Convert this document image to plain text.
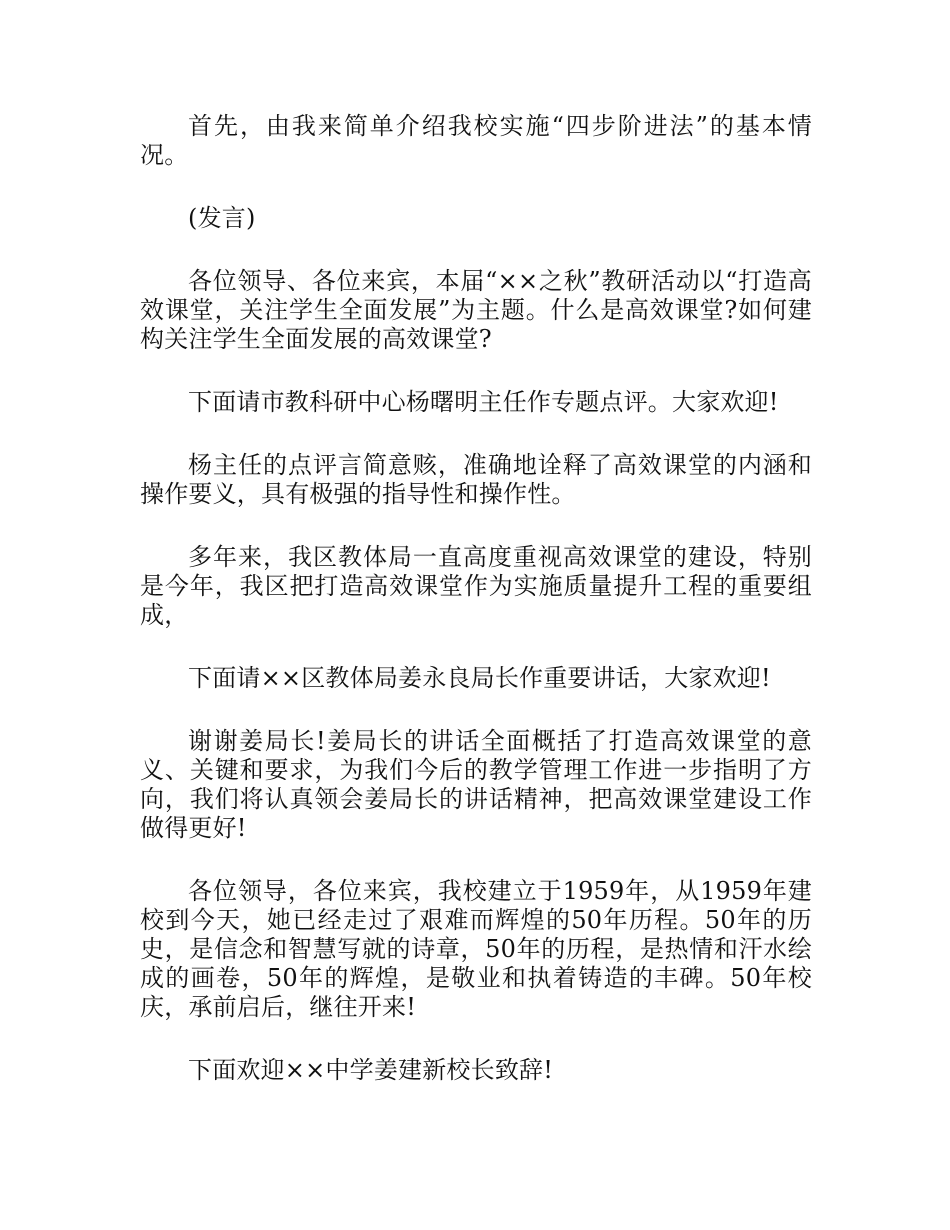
首先，由我来简单介绍我校实施“四步阶进法”的基本情况。

(发言)

各位领导、各位来宾，本届“××之秋”教研活动以“打造高效课堂，关注学生全面发展”为主题。什么是高效课堂?如何建构关注学生全面发展的高效课堂?

下面请市教科研中心杨曙明主任作专题点评。大家欢迎!

杨主任的点评言简意赅，准确地诠释了高效课堂的内涵和操作要义，具有极强的指导性和操作性。

多年来，我区教体局一直高度重视高效课堂的建设，特别是今年，我区把打造高效课堂作为实施质量提升工程的重要组成，

下面请××区教体局姜永良局长作重要讲话，大家欢迎!

谢谢姜局长!姜局长的讲话全面概括了打造高效课堂的意义、关键和要求，为我们今后的教学管理工作进一步指明了方向，我们将认真领会姜局长的讲话精神，把高效课堂建设工作做得更好!

各位领导，各位来宾，我校建立于1959年，从1959年建校到今天，她已经走过了艰难而辉煌的50年历程。50年的历史，是信念和智慧写就的诗章，50年的历程，是热情和汗水绘成的画卷，50年的辉煌，是敬业和执着铸造的丰碑。50年校庆，承前启后，继往开来!

下面欢迎××中学姜建新校长致辞!
